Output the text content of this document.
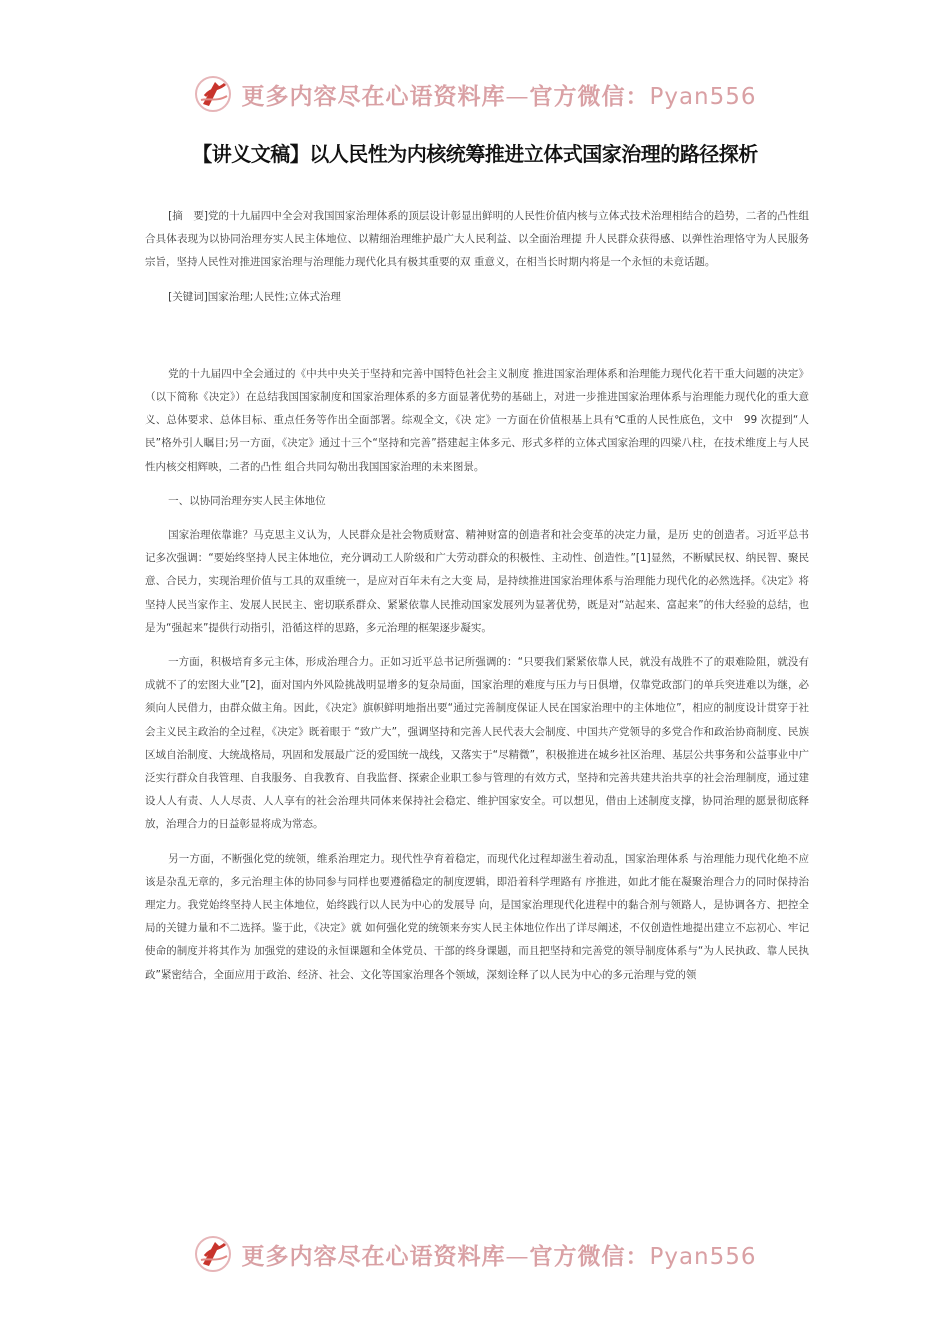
更多内容尽在心语资料库—官方微信：Pyan556
【讲义文稿】以人民性为内核统筹推进立体式国家治理的路径探析

[摘　要]党的十九届四中全会对我国国家治理体系的顶层设计彰显出鲜明的人民性价值内核与立体式技术治理相结合的趋势，二者的凸性组合具体表现为以协同治理夯实人民主体地位、以精细治理维护最广大人民利益、以全面治理提 升人民群众获得感、以弹性治理恪守为人民服务宗旨，坚持人民性对推进国家治理与治理能力现代化具有极其重要的双 重意义，在相当长时期内将是一个永恒的未竟话题。

[关键词]国家治理;人民性;立体式治理

党的十九届四中全会通过的《中共中央关于坚持和完善中国特色社会主义制度 推进国家治理体系和治理能力现代化若干重大问题的决定》（以下简称《决定》）在总结我国国家制度和国家治理体系的多方面显著优势的基础上，对进一步推进国家治理体系与治理能力现代化的重大意义、总体要求、总体目标、重点任务等作出全面部署。综观全文，《决 定》一方面在价值根基上具有℃重的人民性底色，文中　99 次提到“人民”格外引人瞩目;另一方面，《决定》通过十三个“坚持和完善”搭建起主体多元、形式多样的立体式国家治理的四梁八柱，在技术维度上与人民性内核交相辉映，二者的凸性 组合共同勾勒出我国国家治理的未来图景。

一、以协同治理夯实人民主体地位

国家治理依靠谁？马克思主义认为，人民群众是社会物质财富、精神财富的创造者和社会变革的决定力量，是历 史的创造者。习近平总书记多次强调：“要始终坚持人民主体地位，充分调动工人阶级和广大劳动群众的积极性、主动性、创造性。”[1]显然，不断赋民权、纳民智、聚民意、合民力，实现治理价值与工具的双重统一，是应对百年未有之大变 局，是持续推进国家治理体系与治理能力现代化的必然选择。《决定》将坚持人民当家作主、发展人民民主、密切联系群众、紧紧依靠人民推动国家发展列为显著优势，既是对“站起来、富起来”的伟大经验的总结，也是为“强起来”提供行动指引，沿循这样的思路，多元治理的框架逐步凝实。

一方面，积极培育多元主体，形成治理合力。正如习近平总书记所强调的：“只要我们紧紧依靠人民，就没有战胜不了的艰难险阻，就没有成就不了的宏图大业”[2]，面对国内外风险挑战明显增多的复杂局面，国家治理的难度与压力与日俱增，仅靠党政部门的单兵突进难以为继，必须向人民借力，由群众做主角。因此，《决定》旗帜鲜明地指出要“通过完善制度保证人民在国家治理中的主体地位”，相应的制度设计贯穿于社会主义民主政治的全过程，《决定》既着眼于 “致广大”，强调坚持和完善人民代表大会制度、中国共产党领导的多党合作和政治协商制度、民族区域自治制度、大统战格局，巩固和发展最广泛的爱国统一战线，又落实于“尽精微”，积极推进在城乡社区治理、基层公共事务和公益事业中广泛实行群众自我管理、自我服务、自我教育、自我监督、探索企业职工参与管理的有效方式，坚持和完善共建共治共享的社会治理制度，通过建设人人有责、人人尽责、人人享有的社会治理共同体来保持社会稳定、维护国家安全。可以想见，借由上述制度支撑，协同治理的愿景彻底释放，治理合力的日益彰显将成为常态。

另一方面，不断强化党的统领，维系治理定力。现代性孕育着稳定，而现代化过程却滋生着动乱，国家治理体系 与治理能力现代化绝不应该是杂乱无章的，多元治理主体的协同参与同样也要遵循稳定的制度逻辑，即沿着科学理路有 序推进，如此才能在凝聚治理合力的同时保持治理定力。我党始终坚持人民主体地位，始终践行以人民为中心的发展导 向，是国家治理现代化进程中的黏合剂与领路人，是协调各方、把控全局的关键力量和不二选择。鉴于此，《决定》就 如何强化党的统领来夯实人民主体地位作出了详尽阐述，不仅创造性地提出建立不忘初心、牢记使命的制度并将其作为 加强党的建设的永恒课题和全体党员、干部的终身课题，而且把坚持和完善党的领导制度体系与“为人民执政、靠人民执政”紧密结合，全面应用于政治、经济、社会、文化等国家治理各个领域，深刻诠释了以人民为中心的多元治理与党的领

更多内容尽在心语资料库—官方微信：Pyan556
